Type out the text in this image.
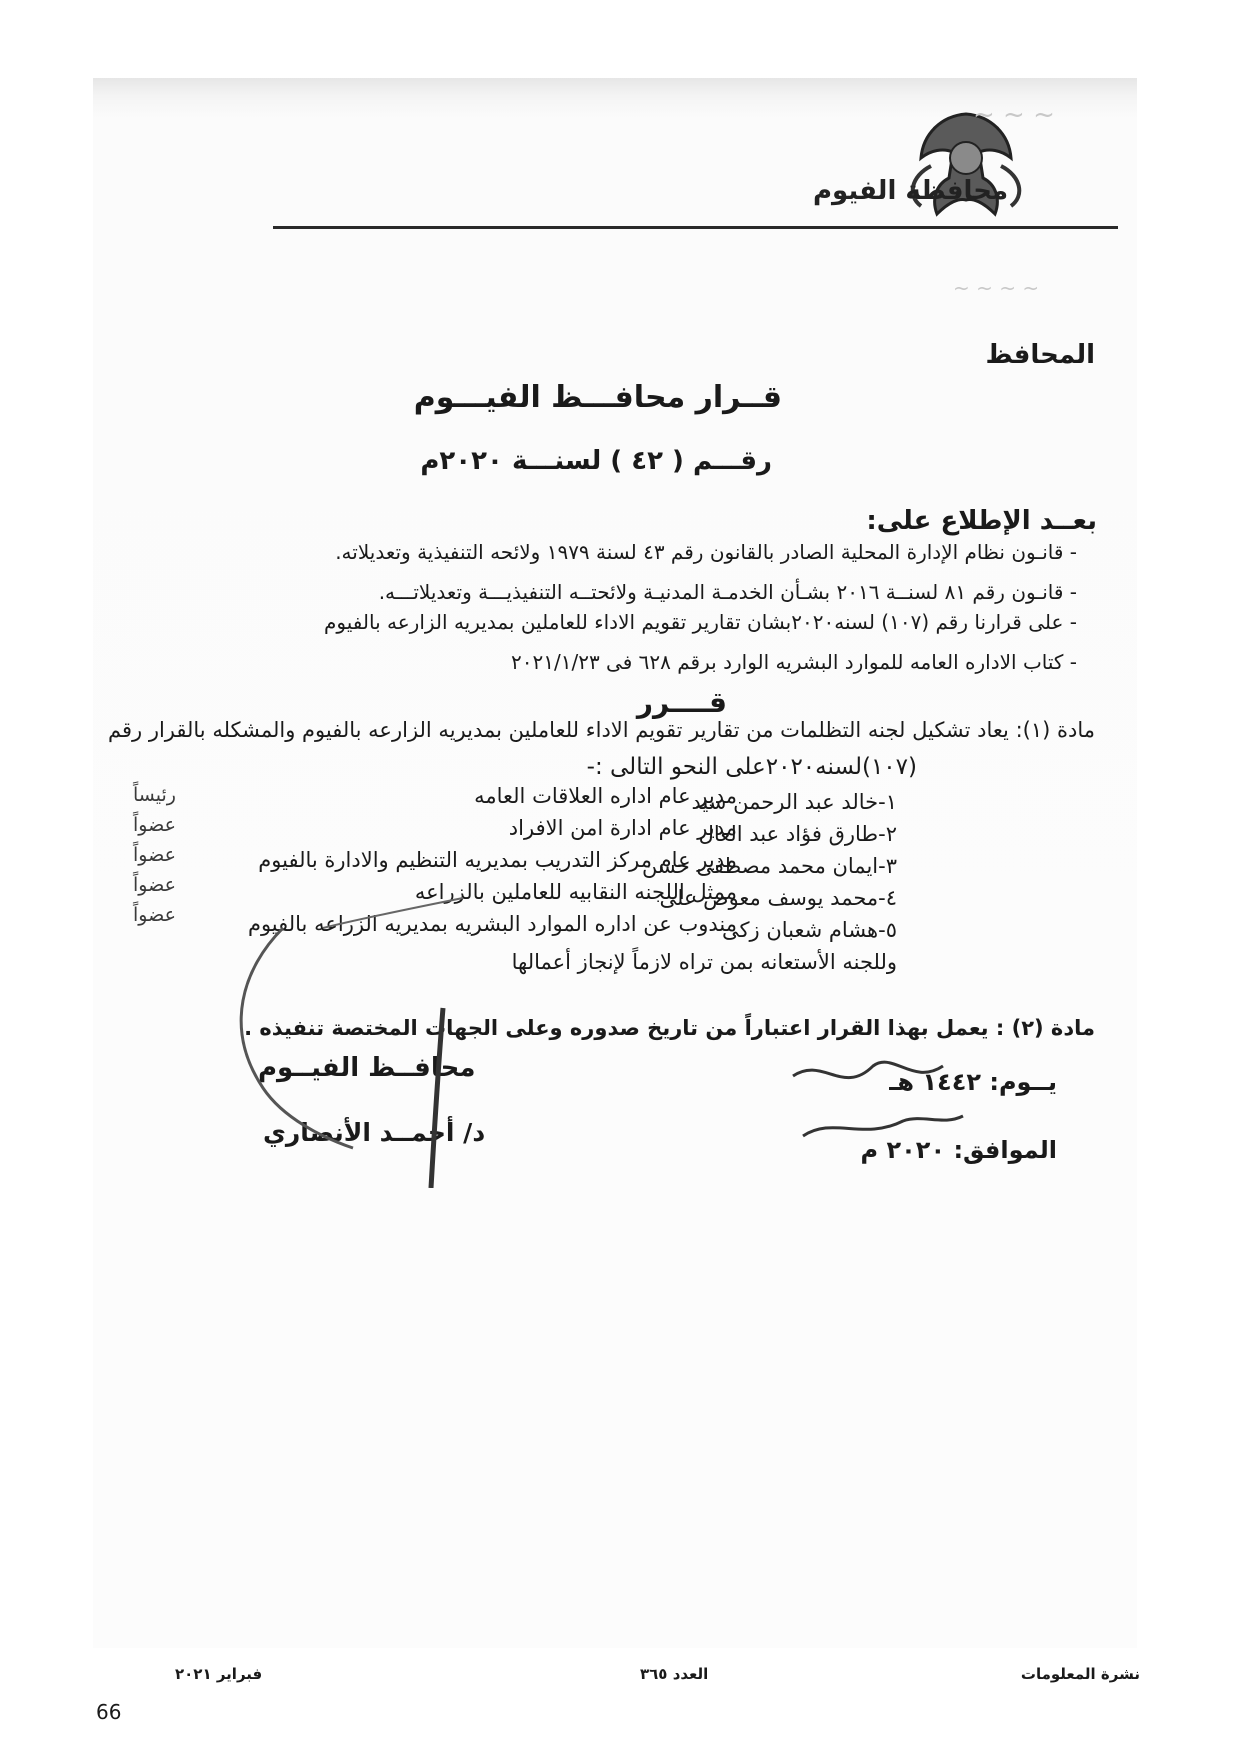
محافظة الفيوم
~ ~ ~
~ ~ ~ ~
المحافظ
قــرار محافـــظ الفيـــوم
رقـــم ( ٤٢ ) لسنـــة ٢٠٢٠م
بعــد الإطلاع على:
- قانـون نظام الإدارة المحلية الصادر بالقانون رقم ٤٣ لسنة ١٩٧٩ ولائحه التنفيذية وتعديلاته.
- قانـون رقم ٨١ لسنــة ٢٠١٦ بشـأن الخدمـة المدنيـة ولائحتــه التنفيذيـــة وتعديلاتـــه.
- على قرارنا رقم (١٠٧) لسنه٢٠٢٠بشان تقارير تقويم الاداء للعاملين بمديريه الزارعه بالفيوم
- كتاب الاداره العامه للموارد البشريه الوارد برقم ٦٢٨ فى ٢٠٢١/١/٢٣
قــــرر
مادة (١): يعاد تشكيل لجنه التظلمات من تقارير تقويم الاداء للعاملين بمديريه الزارعه بالفيوم والمشكله بالقرار رقم
(١٠٧)لسنه٢٠٢٠على النحو التالى :-
١-خالد عبد الرحمن سيد
مدير عام اداره العلاقات العامه
رئيساً
٢-طارق فؤاد عبد العال
مدير عام ادارة امن الافراد
عضواً
٣-ايمان محمد مصطفى حسن
مدير عام مركز التدريب بمديريه التنظيم والادارة بالفيوم
عضواً
٤-محمد يوسف معوض على
ممثل اللجنه النقابيه للعاملين بالزراعه
عضواً
٥-هشام شعبان زكى
مندوب عن اداره الموارد البشريه بمديريه الزراعه بالفيوم
عضواً
وللجنه الأستعانه بمن تراه لازماً لإنجاز أعمالها
مادة (٢) : يعمل بهذا القرار اعتباراً من تاريخ صدوره وعلى الجهات المختصة تنفيذه .
محافــظ الفيــوم
د/ أحمــد الأنصاري
يــوم: ١٤٤٢ هـ
الموافق: ٢٠٢٠ م
نشرة المعلومات
العدد ٣٦٥
فبراير ٢٠٢١
66
